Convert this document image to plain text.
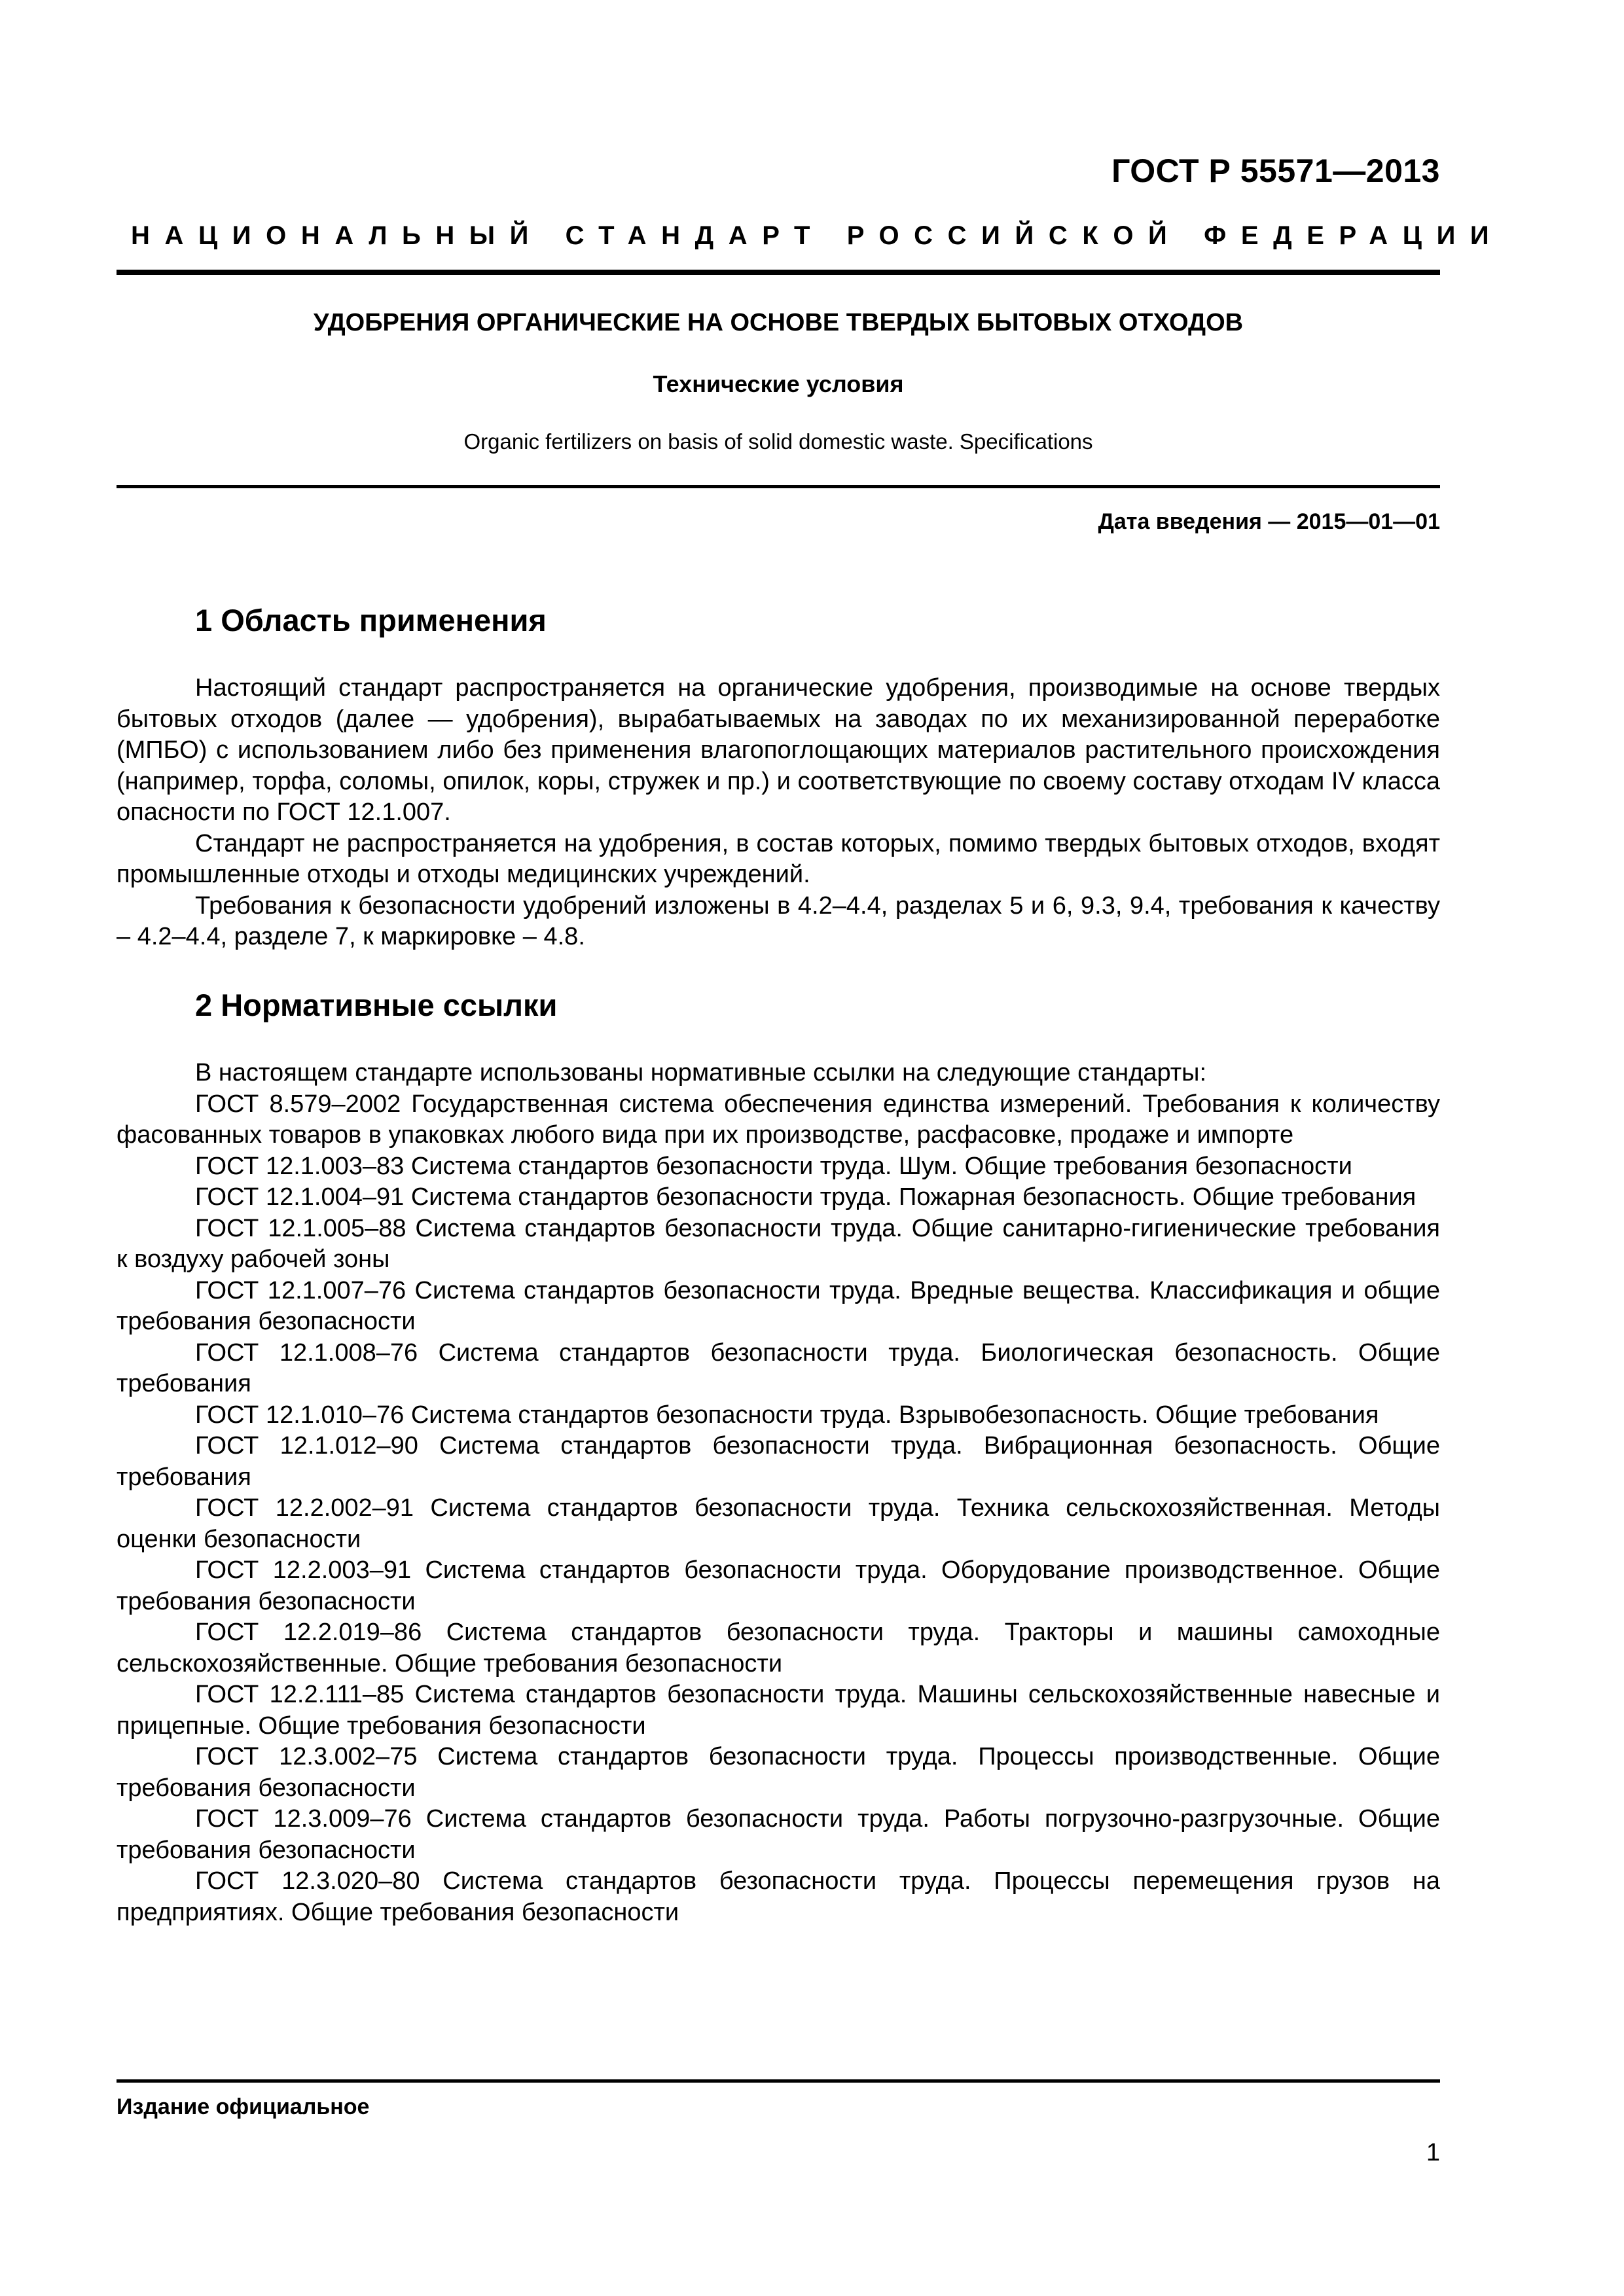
ГОСТ Р 55571—2013
НАЦИОНАЛЬНЫЙ СТАНДАРТ РОССИЙСКОЙ ФЕДЕРАЦИИ
УДОБРЕНИЯ ОРГАНИЧЕСКИЕ НА ОСНОВЕ ТВЕРДЫХ БЫТОВЫХ ОТХОДОВ
Технические условия
Organic fertilizers on basis of solid domestic waste. Specifications
Дата введения — 2015—01—01
1 Область применения

Настоящий стандарт распространяется на органические удобрения, производимые на основе твердых бытовых отходов (далее — удобрения), вырабатываемых на заводах по их механизированной переработке (МПБО) с использованием либо без применения влагопоглощающих материалов растительного происхождения (например, торфа, соломы, опилок, коры, стружек и пр.) и соответствующие по своему составу отходам IV класса опасности по ГОСТ 12.1.007.

Стандарт не распространяется на удобрения, в состав которых, помимо твердых бытовых отходов, входят промышленные отходы и отходы медицинских учреждений.

Требования к безопасности удобрений изложены в 4.2–4.4, разделах 5 и 6, 9.3, 9.4, требования к качеству – 4.2–4.4, разделе 7, к маркировке – 4.8.

2 Нормативные ссылки

В настоящем стандарте использованы нормативные ссылки на следующие стандарты:

ГОСТ 8.579–2002 Государственная система обеспечения единства измерений. Требования к количеству фасованных товаров в упаковках любого вида при их производстве, расфасовке, продаже и импорте

ГОСТ 12.1.003–83 Система стандартов безопасности труда. Шум. Общие требования безопасности

ГОСТ 12.1.004–91 Система стандартов безопасности труда. Пожарная безопасность. Общие требования

ГОСТ 12.1.005–88 Система стандартов безопасности труда. Общие санитарно-гигиенические требования к воздуху рабочей зоны

ГОСТ 12.1.007–76 Система стандартов безопасности труда. Вредные вещества. Классификация и общие требования безопасности

ГОСТ 12.1.008–76 Система стандартов безопасности труда. Биологическая безопасность. Общие требования

ГОСТ 12.1.010–76 Система стандартов безопасности труда. Взрывобезопасность. Общие требования

ГОСТ 12.1.012–90 Система стандартов безопасности труда. Вибрационная безопасность. Общие требования

ГОСТ 12.2.002–91 Система стандартов безопасности труда. Техника сельскохозяйственная. Методы оценки безопасности

ГОСТ 12.2.003–91 Система стандартов безопасности труда. Оборудование производственное. Общие требования безопасности

ГОСТ 12.2.019–86 Система стандартов безопасности труда. Тракторы и машины самоходные сельскохозяйственные. Общие требования безопасности

ГОСТ 12.2.111–85 Система стандартов безопасности труда. Машины сельскохозяйственные навесные и прицепные. Общие требования безопасности

ГОСТ 12.3.002–75 Система стандартов безопасности труда. Процессы производственные. Общие требования безопасности

ГОСТ 12.3.009–76 Система стандартов безопасности труда. Работы погрузочно-разгрузочные. Общие требования безопасности

ГОСТ 12.3.020–80 Система стандартов безопасности труда. Процессы перемещения грузов на предприятиях. Общие требования безопасности

Издание официальное
1
